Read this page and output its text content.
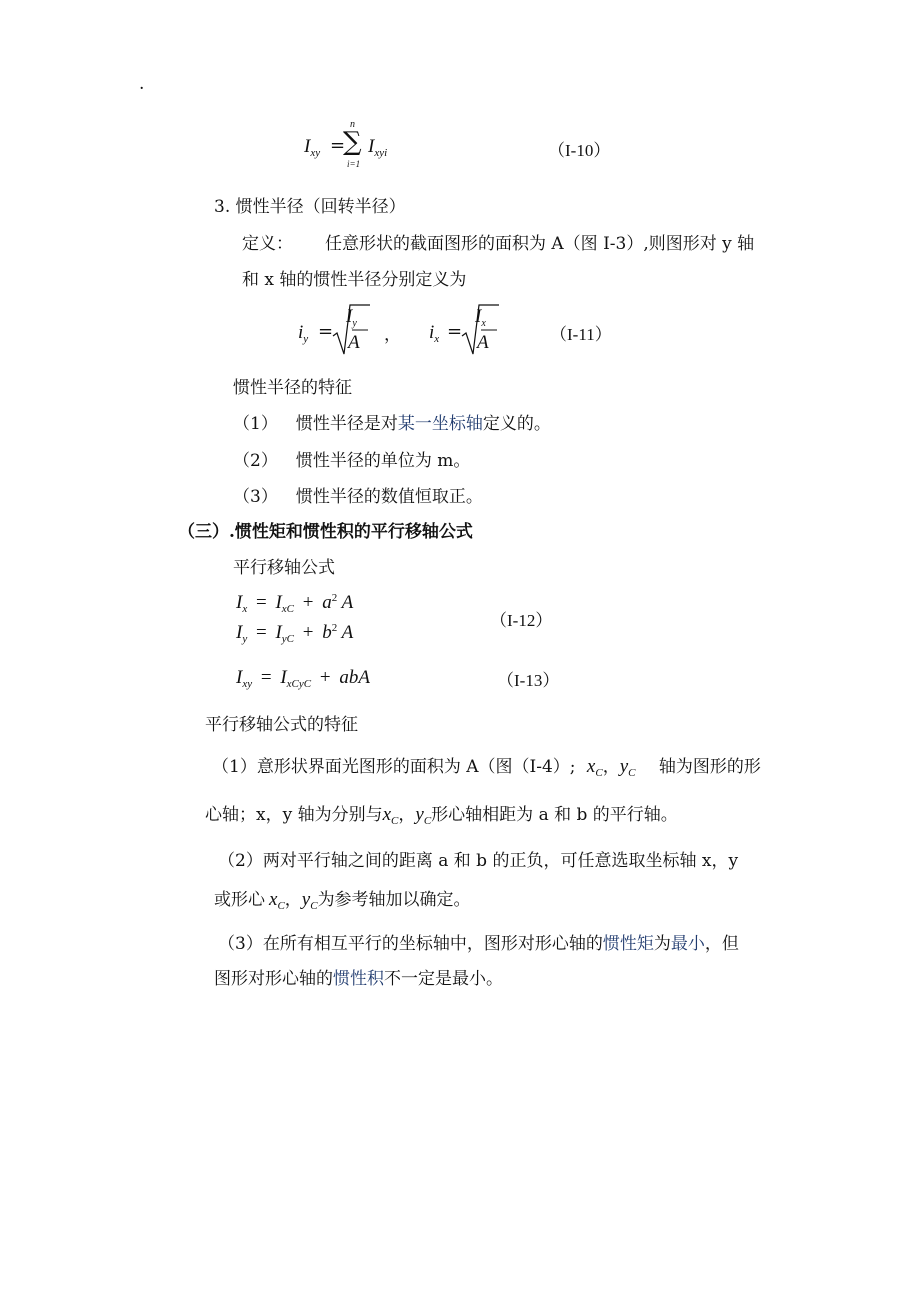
.
$I_{xy}$ =
n
∑
i=1
$I_{xyi}$	（I-10）
3. 惯性半径（回转半径）
定义： 任意形状的截面图形的面积为 A（图 I-3）,则图形对 y 轴
和 x 轴的惯性半径分别定义为
$i_y$ =
$I_y$
A ， $i_x$ =
$I_x$
A	（I-11）
惯性半径的特征
（1） 惯性半径是对某一坐标轴定义的。
（2） 惯性半径的单位为 m。
（3） 惯性半径的数值恒取正。
（三）.惯性矩和惯性积的平行移轴公式
平行移轴公式
$I_x = I_{xC} + a^2$ A
$I_y = I_{yC} + b^2$ A
（I-12）
$I_{xy} = I_{xCyC}$ + abA	（I-13）
平行移轴公式的特征
（1）意形状界面光图形的面积为 A（图（I-4）; $x_C$，$y_C$ 轴为图形的形
心轴；x，y 轴为分别与$x_C$，$y_C$形心轴相距为 a 和 b 的平行轴。
（2）两对平行轴之间的距离 a 和 b 的正负，可任意选取坐标轴 x，y
或形心 $x_C$，$y_C$为参考轴加以确定。
（3）在所有相互平行的坐标轴中，图形对形心轴的惯性矩为最小，但
图形对形心轴的惯性积不一定是最小。
